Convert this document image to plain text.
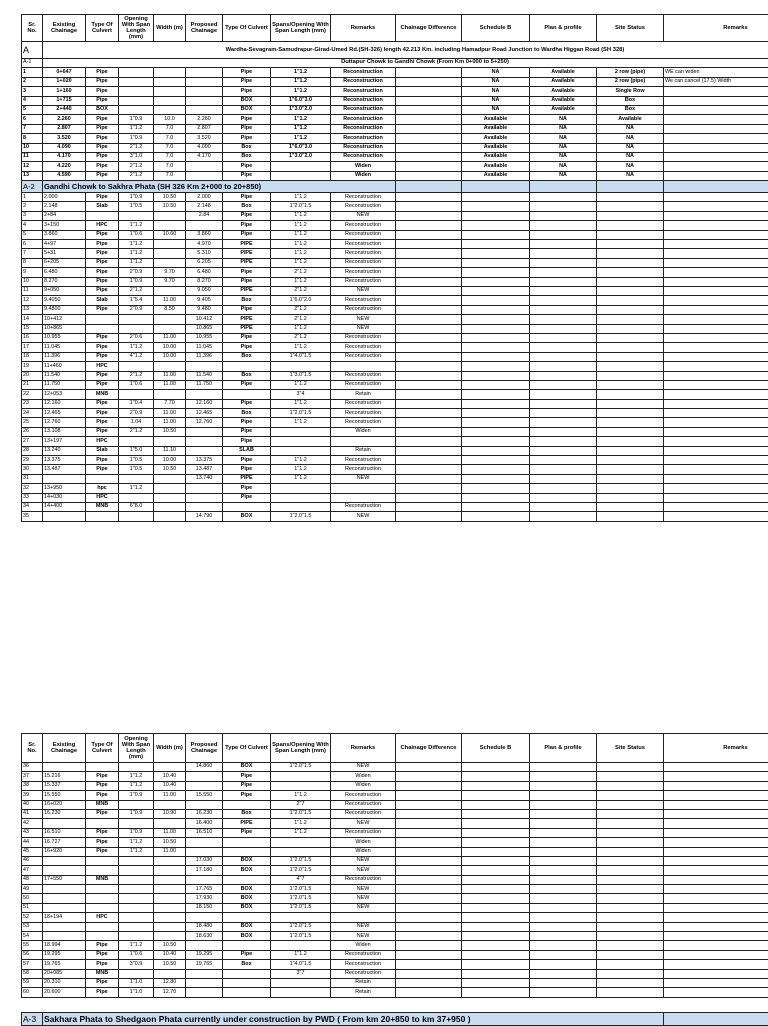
Sr. No.	Existing Chainage	Type Of Culvert	Opening With Span Length (mm)	Width (m)	Proposed Chainage	Type Of Culvert	Spans/Opening With Span Length (mm)	Remarks	Chainage Difference	Schedule B	Plan & profile	Site Status	Remarks
A	Wardha-Sevagram-Samudrapur-Girad-Umed Rd.(SH-326) length 42.213 Km. including Hamadpur Road Junction to Wardha Higgan Road (SH 328)												
A-1	Duttapur Chowk to Gandhi Chowk (From Km 0+000 to 5+250)												
1	0+647	Pipe				Pipe	1"1.2	Reconstruction		NA	Available	2 row (pipe)	WE can widen
2	1+020	Pipe				Pipe	1"1.2	Reconstruction		NA	Available	2 row (pipe)	We can cancel (17.5) Width
3	1+160	Pipe				Pipe	1"1.2	Reconstruction		NA	Available	Single Row	
4	1+715	Pipe				BOX	1"6.0"3.0	Reconstruction		NA	Available	Box	
5	2+440	BOX				BOX	1"3.0"2.0	Reconstruction		NA	Available	Box	
6	2.260	Pipe	1"0.9	10.0	2.260	Pipe	1"1.2	Reconstruction		Available	NA	Available	
7	2.807	Pipe	1"1.2	7.0	2.807	Pipe	1"1.2	Reconstruction		Available	NA	NA	
8	3.520	Pipe	1"0.9	7.0	3.520	Pipe	1"1.2	Reconstruction		Available	NA	NA	
10	4.090	Pipe	2"1.2	7.0	4.090	Box	1"6.0"3.0	Reconstruction		Available	NA	NA	
11	4.170	Pipe	3"1.0	7.0	4.170	Box	1"3.0"2.0	Reconstruction		Available	NA	NA	
12	4.220	Pipe	2"1.2	7.0		Pipe		Widen		Available	NA	NA	
13	4.590	Pipe	2"1.2	7.0		Pipe		Widen		Available	NA	NA	
A-2	Gandhi Chowk to Sakhra Phata (SH 326 Km 2+000 to 20+850)												
1	2.000	Pipe	1"0.9	10.50	2.000	Pipe	1"1.2	Reconstruction					
2	2.148	Slab	1"0.5	10.50	2.148	Box	1"2.0"1.5	Reconstruction					
3	2+84				2.84	Pipe	1"1.2	NEW					
4	3+150	HPC	1"1.2			Pipe	1"1.2	Reconstruction					
5	3.860	Pipe	1"0.6	10.60	3.860	Pipe	1"1.2	Reconstruction					
6	4+97	Pipe	1"1.2		4.970	PIPE	1"1.2	Reconstruction					
7	5+31	Pipe	1"1.2		5.310	PIPE	1"1.2	Reconstruction					
8	6+205	Pipe	1"1.2		6.205	PIPE	1"1.2	Reconstruction					
9	6.480	Pipe	2"0.9	9.70	6.480	Pipe	2"1.2	Reconstruction					
10	8.270	Pipe	1"0.9	9.70	8.270	Pipe	1"1.2	Reconstruction					
11	9+050	Pipe	2"1.2		9.050	PIPE	2"1.2	NEW					
12	9.4050	Slab	1"5.4	11.00	9.405	Box	1"6.0"2.0	Reconstruction					
13	9.4800	Pipe	2"0.9	8.50	9.480	Pipe	2"1.2	Reconstruction					
14	10+412				10.412	PIPE	2"1.2	NEW					
15	10+865				10.865	PIPE	1"1.2	NEW					
16	10.955	Pipe	2"0.6	11.00	10.955	Pipe	2"1.2	Reconstruction					
17	11.045	Pipe	1"1.2	10.00	11.045	Pipe	1"1.2	Reconstruction					
18	11.396	Pipe	4"1.2	10.00	11.396	Box	1"4.0"1.5	Reconstruction					
19	11+460	HPC											
20	11.540	Pipe	2"1.2	11.00	11.540	Box	1"3.0"1.5	Reconstruction					
21	11.750	Pipe	1"0.6	11.00	11.750	Pipe	1"1.2	Reconstruction					
22	12+053	MNB					3"4	Retain					
23	12.160	Pipe	1"0.4	7.70	12.160	Pipe	1"1.2	Reconstruction					
24	12.465	Pipe	2"0.9	11.00	12.465	Box	1"2.0"1.5	Reconstruction					
25	12.760	Pipe	1.04	11.00	12.760	Pipe	1"1.2	Reconstruction					
26	13.108	Pipe	2"1.2	10.50		Pipe		Widen					
27	13+197	HPC				Pipe							
28	13.240	Slab	1"5.0	11.10		SLAB		Retain					
29	13.375	Pipe	1"0.5	10.00	13.375	Pipe	1"1.2	Reconstruction					
30	13.487	Pipe	1"0.5	10.50	13.487	Pipe	1"1.2	Reconstruction					
31					13.740	PIPE	1"1.2	NEW					
32	13+950	hpc	1"1.2			Pipe							
33	14+030	HPC				Pipe							
34	14+400	MNB	6"8.0					Reconstruction					
35					14.790	BOX	1"2.0"1.5	NEW					
Sr. No.	Existing Chainage	Type Of Culvert	Opening With Span Length (mm)	Width (m)	Proposed Chainage	Type Of Culvert	Spans/Opening With Span Length (mm)	Remarks	Chainage Difference	Schedule B	Plan & profile	Site Status	Remarks
36					14.860	BOX	1"2.0"1.5	NEW					
37	15.216	Pipe	1"1.2	10.40		Pipe		Widen					
38	15.337	Pipe	1"1.2	10.40		Pipe		Widen					
39	15.550	Pipe	1"0.9	11.00	15.550	Pipe	1"1.2	Reconstruction					
40	16+020	MNB					2"7	Reconstruction					
41	16.230	Pipe	1"0.9	10.90	16.230	Box	1"2.0"1.5	Reconstruction					
42					16.400	PIPE	1"1.2	NEW					
43	16.510	Pipe	1"0.9	11.00	16.510	Pipe	1"1.2	Reconstruction					
44	16.727	Pipe	1"1.2	10.50				Widen					
45	16+920	Pipe	1"1.2	11.00				Widen					
46					17.030	BOX	1"2.0"1.5	NEW					
47					17.180	BOX	1"2.0"1.5	NEW					
48	17+550	MNB					4"7	Reconstruction					
49					17.765	BOX	1"2.0"1.5	NEW					
50					17.930	BOX	1"2.0"1.5	NEW					
51					18.150	BOX	1"2.0"1.5	NEW					
52	18+194	HPC											
53					18.480	BOX	1"2.0"1.5	NEW					
54					18.630	BOX	1"2.0"1.5	NEW					
55	18.994	Pipe	1"1.2	10.50				Widen					
56	19.295	Pipe	1"0.6	10.40	19.295	Pipe	1"1.2	Reconstruction					
57	19.765	Pipe	3"0.9	10.50	19.765	Box	1"4.0"1.5	Reconstruction					
58	20+085	MNB					3"7	Reconstruction					
59	20.310	Pipe	1"1.0	12.80				Retain					
60	20.600	Pipe	1"1.0	12.70				Retain					
A-3	Sakhara Phata to Shedgaon Phata currently under construction by PWD ( From km 20+850 to km 37+950 )	
